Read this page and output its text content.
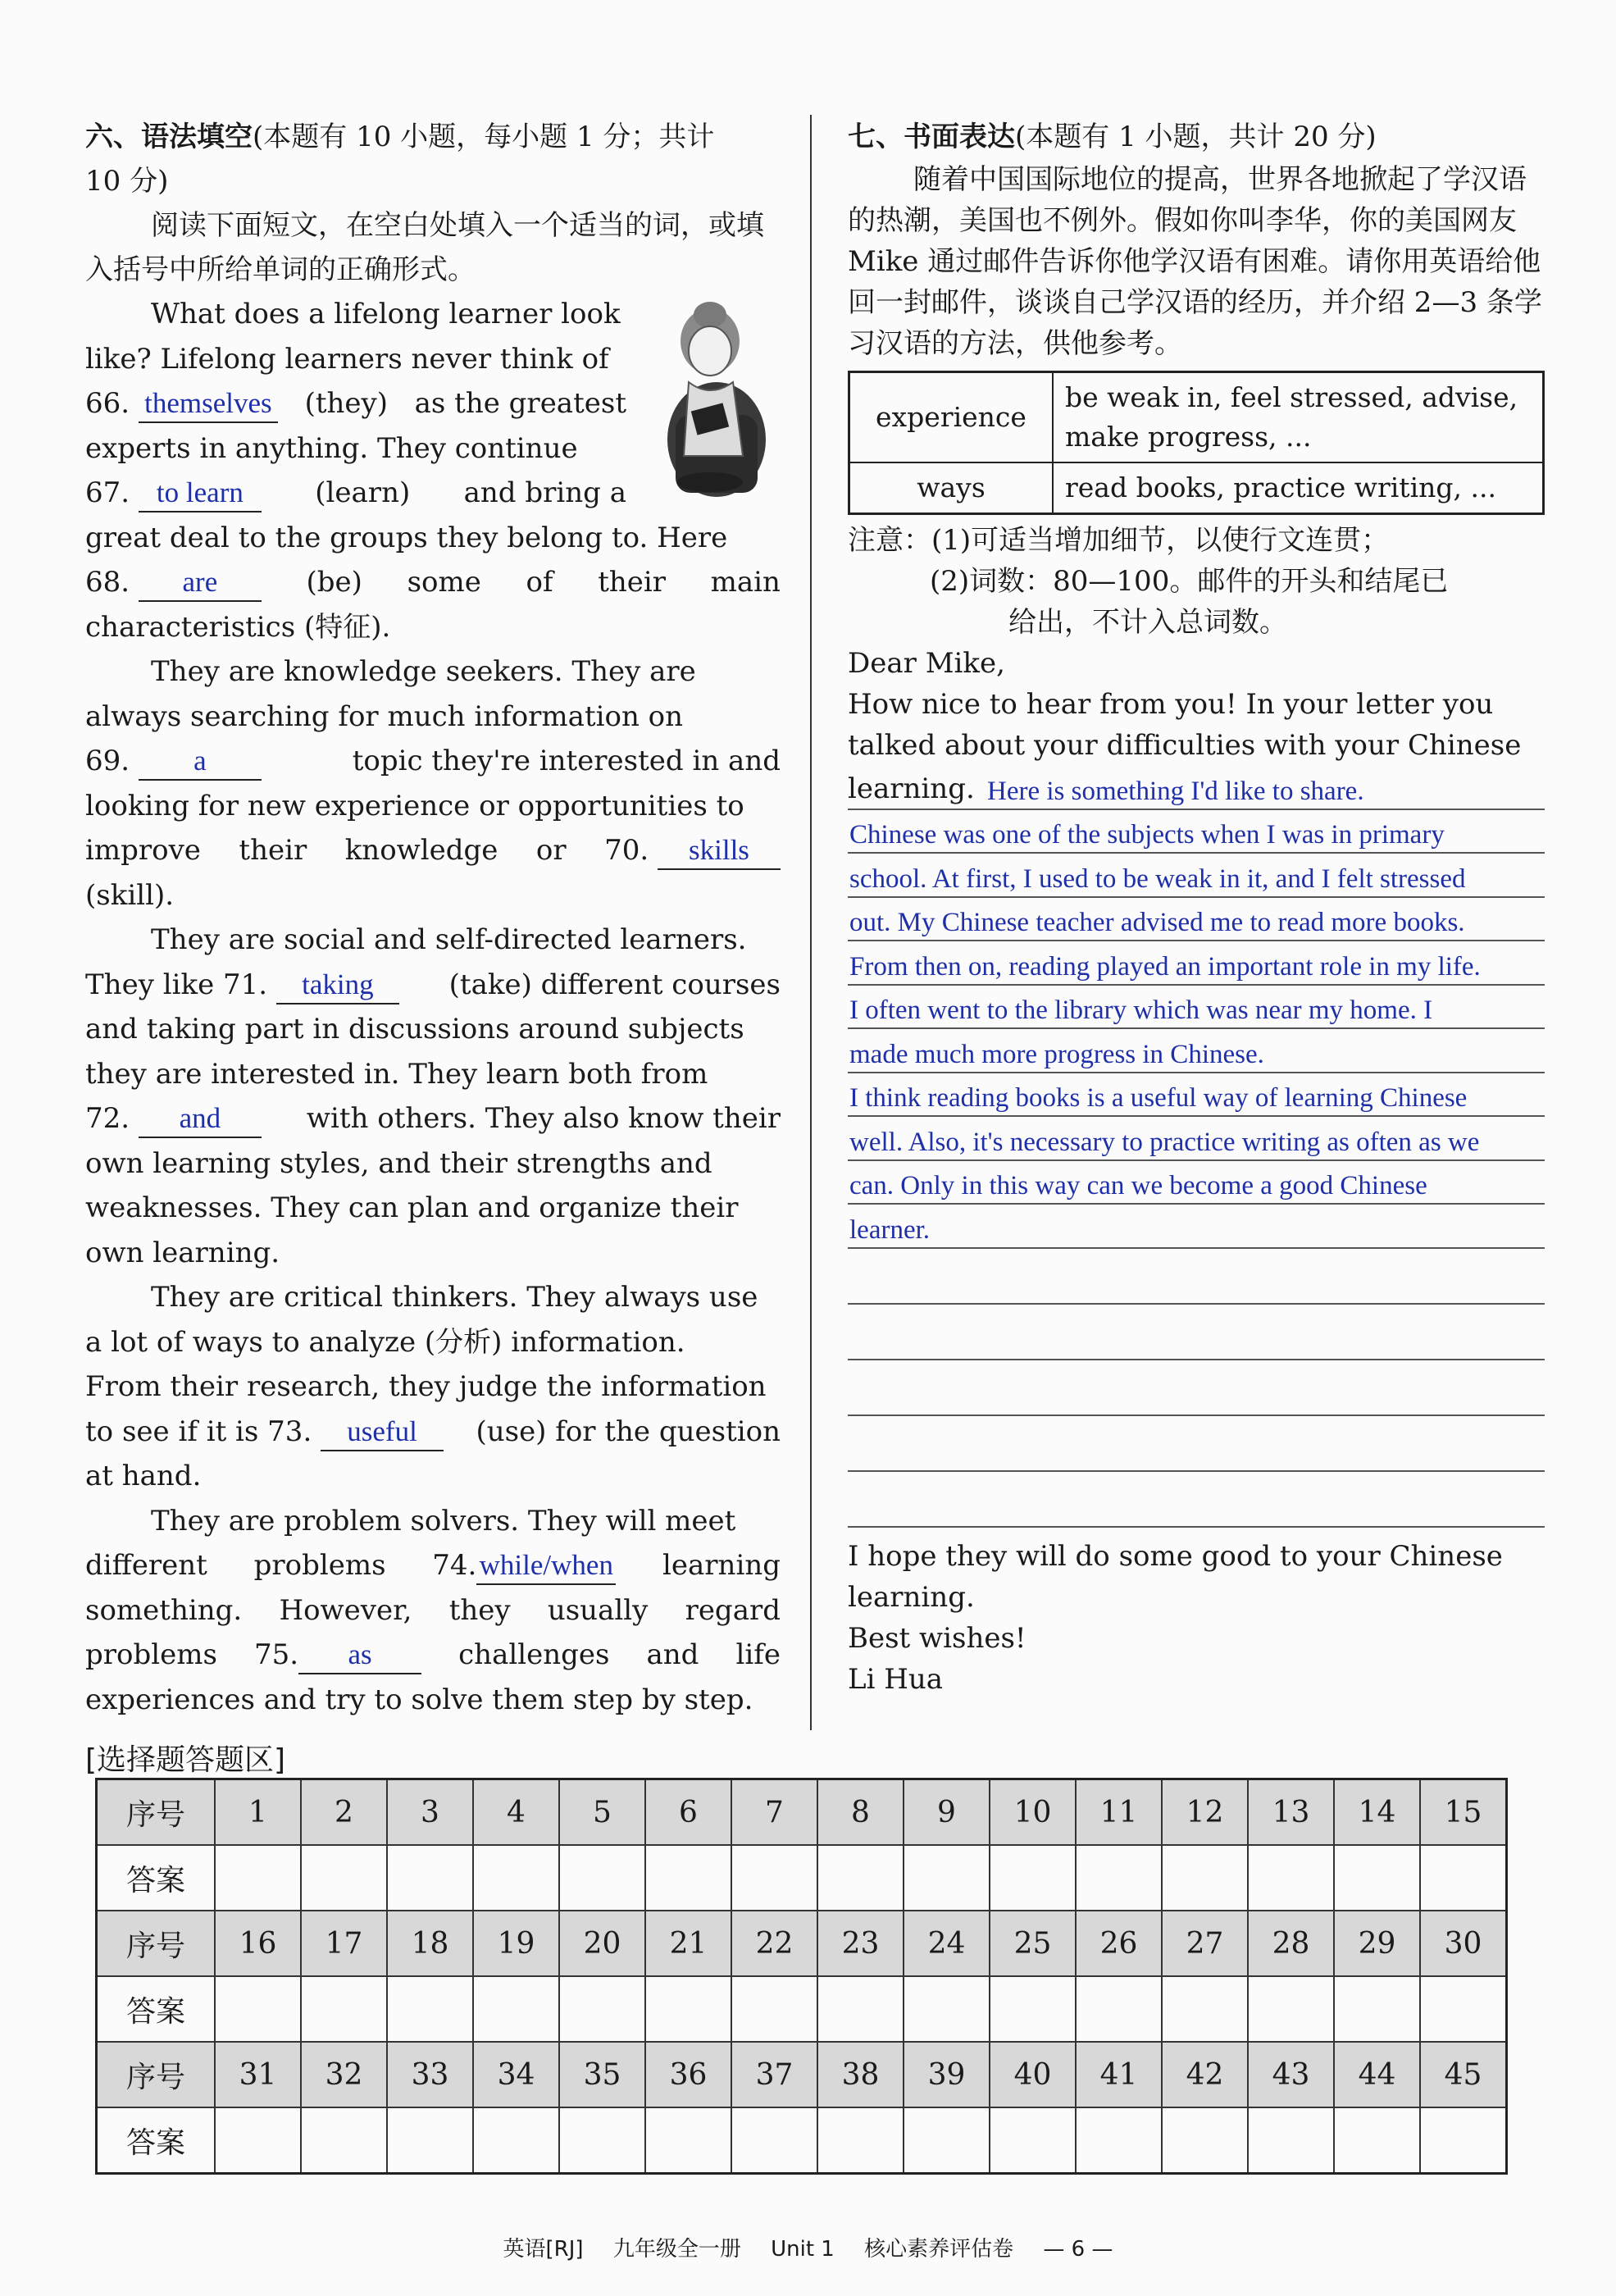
六、语法填空(本题有 10 小题，每小题 1 分；共计
10 分)

阅读下面短文，在空白处填入一个适当的词，或填入括号中所给单词的正确形式。

What does a lifelong learner look
like? Lifelong learners never think of
66. themselves (they) as the greatest
experts in anything. They continue
67. to learn	(learn) and bring a
great deal to the groups they belong to. Here
68. are	(be) some of their main
characteristics (特征).
They are knowledge seekers. They are
always searching for much information on
69. a	topic they're interested in and
looking for new experience or opportunities to
improve their knowledge or 70. skills
(skill).
They are social and self-directed learners.
They like 71. taking	(take) different courses
and taking part in discussions around subjects
they are interested in. They learn both from
72. and	with others. They also know their
own learning styles, and their strengths and
weaknesses. They can plan and organize their
own learning.
They are critical thinkers. They always use
a lot of ways to analyze (分析) information.
From their research, they judge the information
to see if it is 73. useful	(use) for the question
at hand.
They are problem solvers. They will meet
different problems 74.while/when learning
something. However, they usually regard
problems 75. as	challenges and life
experiences and try to solve them step by step.
七、书面表达(本题有 1 小题，共计 20 分)

随着中国国际地位的提高，世界各地掀起了学汉语的热潮，美国也不例外。假如你叫李华，你的美国网友 Mike 通过邮件告诉你他学汉语有困难。请你用英语给他回一封邮件，谈谈自己学汉语的经历，并介绍 2—3 条学习汉语的方法，供他参考。

experience	be weak in, feel stressed, advise, make progress, ...
ways	read books, practice writing, ...

注意：(1)可适当增加细节，以使行文连贯；

(2)词数：80—100。邮件的开头和结尾已

给出，不计入总词数。

Dear Mike,

How nice to hear from you! In your letter you

talked about your difficulties with your Chinese

learning. Here is something I'd like to share.
Chinese was one of the subjects when I was in primary
school. At first, I used to be weak in it, and I felt stressed
out. My Chinese teacher advised me to read more books.
From then on, reading played an important role in my life.
I often went to the library which was near my home. I
made much more progress in Chinese.
I think reading books is a useful way of learning Chinese
well. Also, it's necessary to practice writing as often as we
can. Only in this way can we become a good Chinese
learner.

I hope they will do some good to your Chinese

learning.

Best wishes!

Li Hua

[选择题答题区]
序号	1	2	3	4	5	6	7	8	9	10	11	12	13	14	15
答案															
序号	16	17	18	19	20	21	22	23	24	25	26	27	28	29	30
答案															
序号	31	32	33	34	35	36	37	38	39	40	41	42	43	44	45
答案															
英语[RJ] 九年级全一册 Unit 1 核心素养评估卷 — 6 —
